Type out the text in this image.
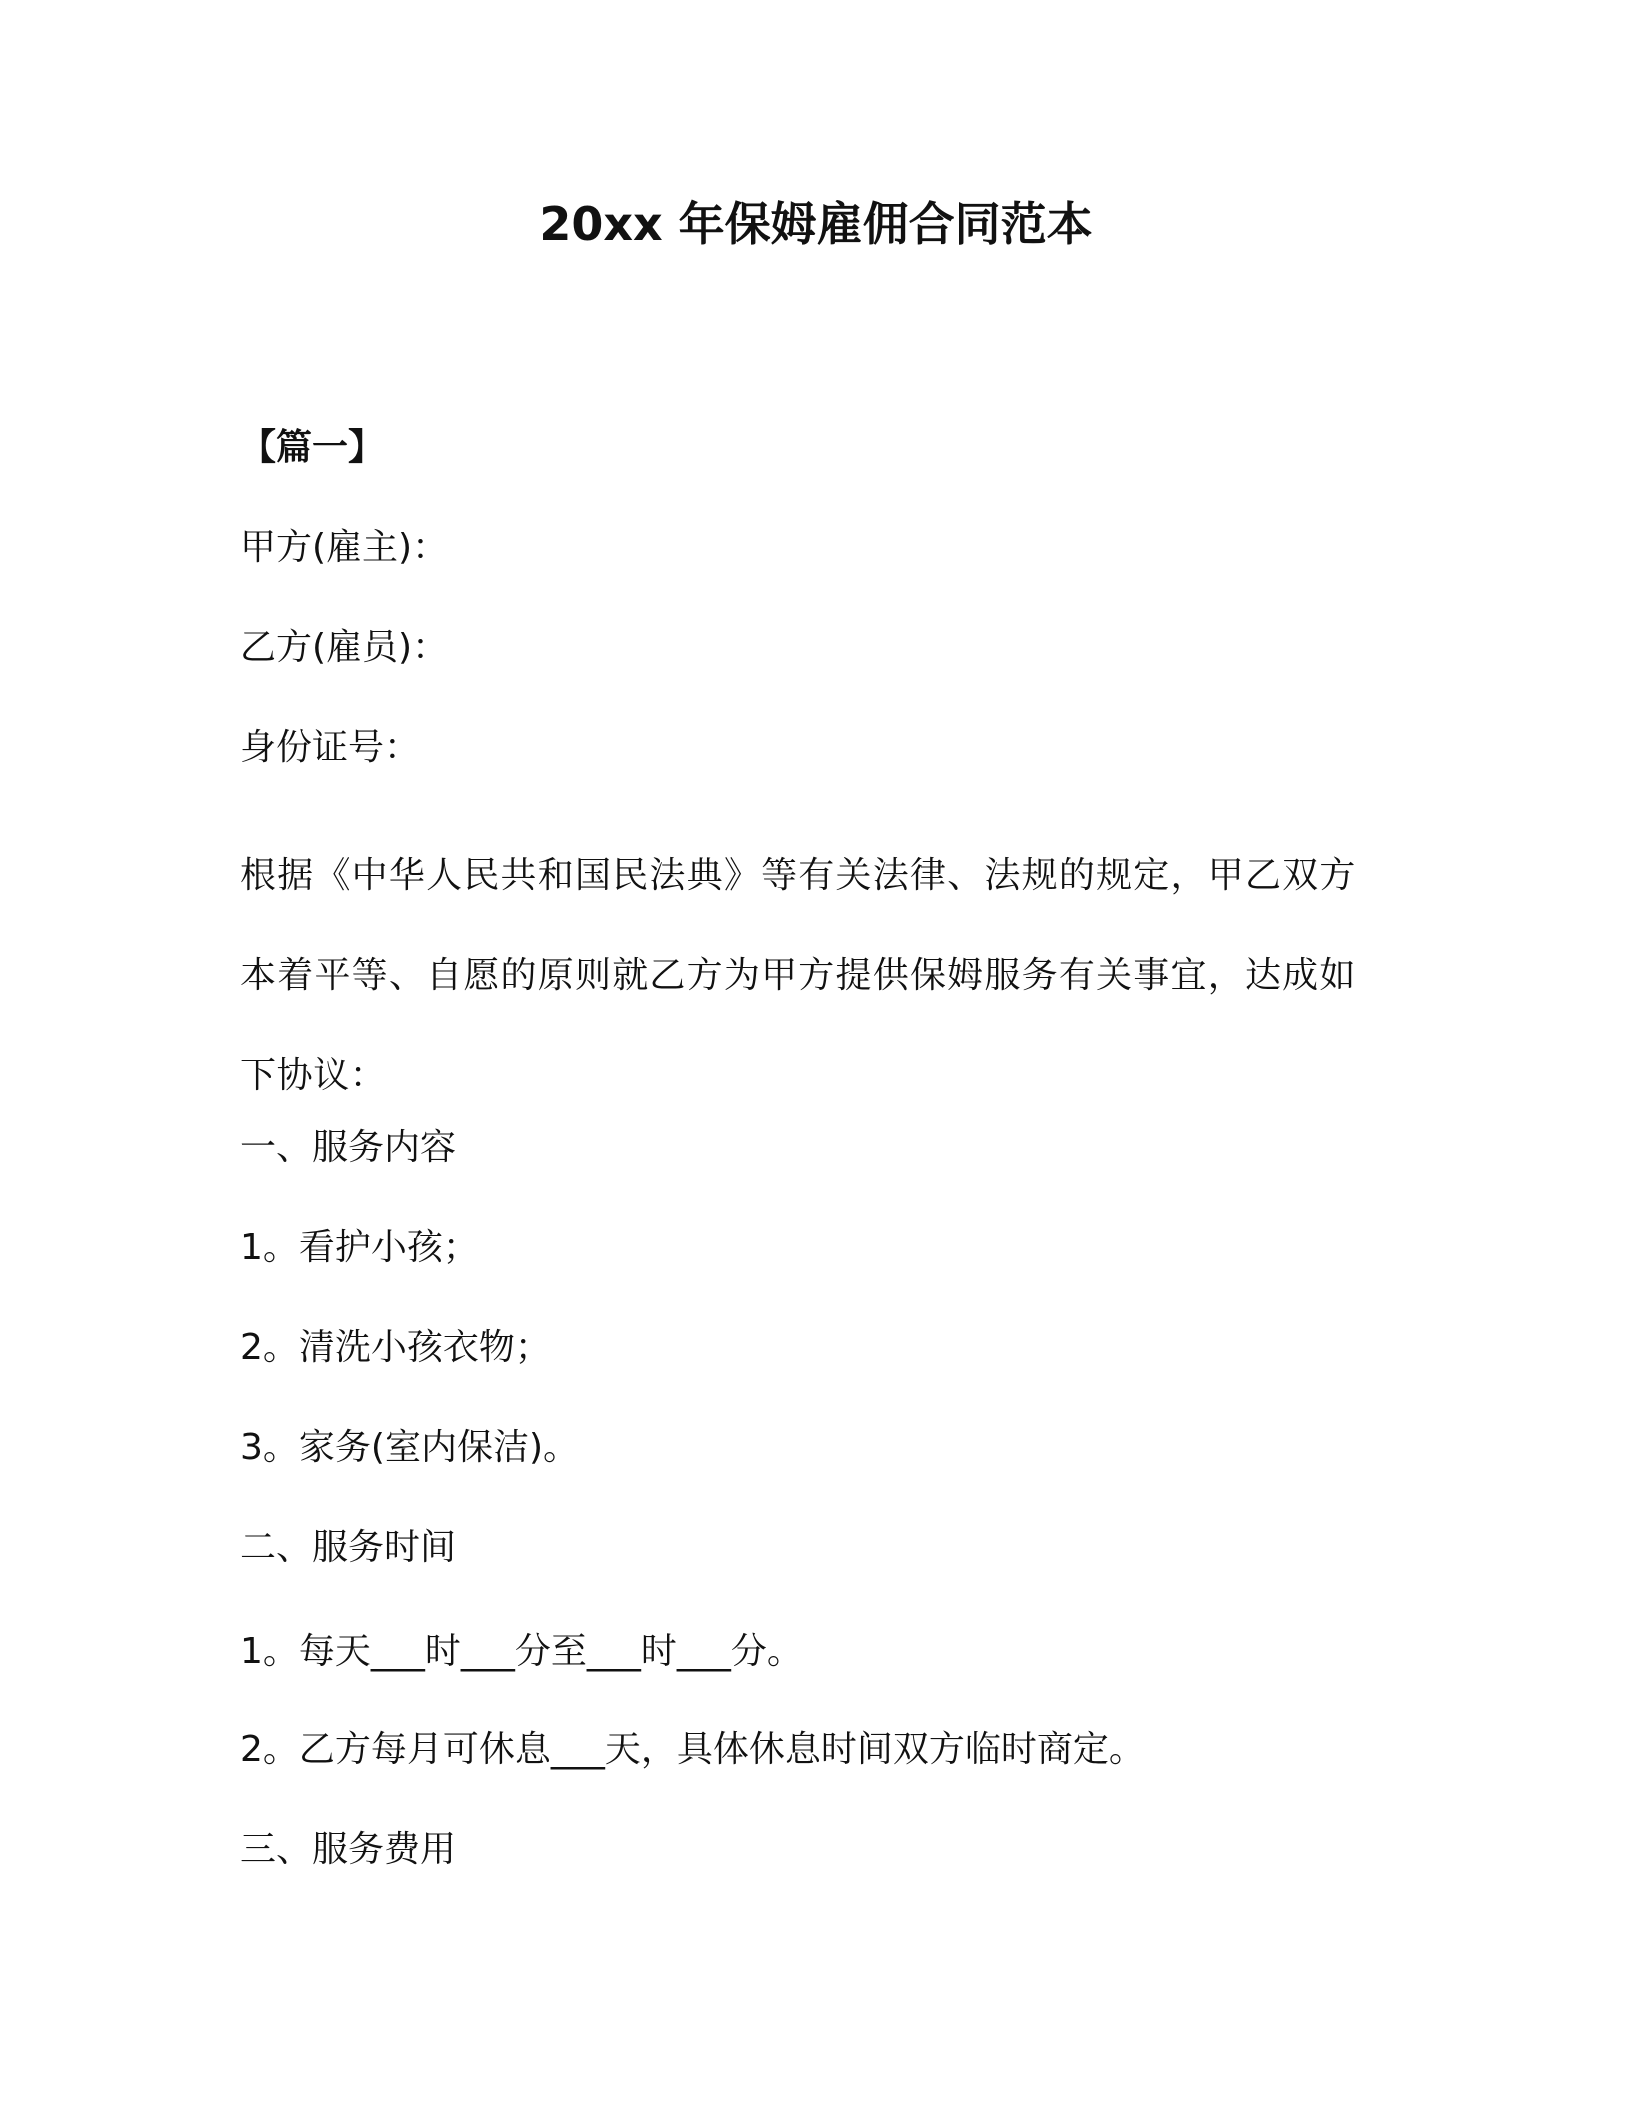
20xx 年保姆雇佣合同范本
【篇一】
甲方(雇主)：
乙方(雇员)：
身份证号：
根据《中华人民共和国民法典》等有关法律、法规的规定，甲乙双方本着平等、自愿的原则就乙方为甲方提供保姆服务有关事宜，达成如下协议：
一、服务内容
1。看护小孩；
2。清洗小孩衣物；
3。家务(室内保洁)。
二、服务时间
1。每天___时___分至___时___分。
2。乙方每月可休息___天，具体休息时间双方临时商定。
三、服务费用
